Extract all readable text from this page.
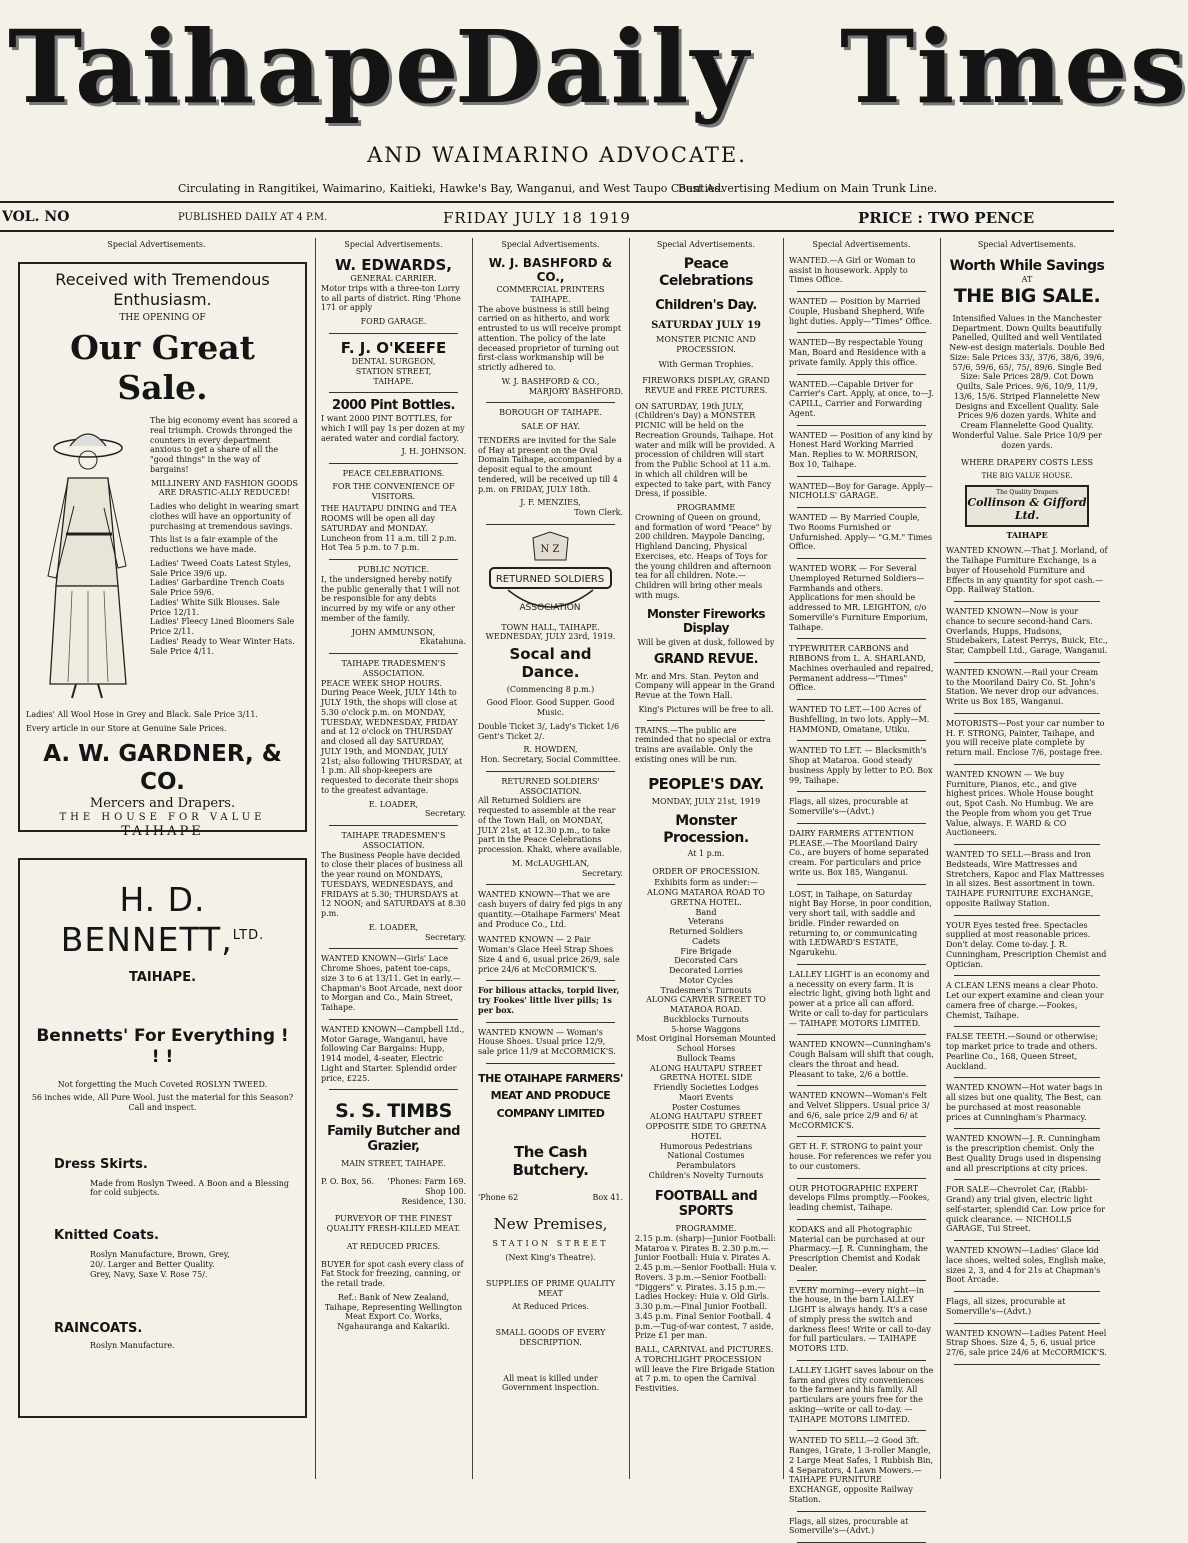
Taihape
Daily Times
AND WAIMARINO ADVOCATE.
Circulating in Rangitikei, Waimarino, Kaitieki, Hawke's Bay, Wanganui, and West Taupo Counties.
Best Advertising Medium on Main Trunk Line.
VOL. NO	PUBLISHED DAILY AT 4 P.M.	FRIDAY JULY 18 1919	PRICE : TWO PENCE
Special Advertisements.
Received with Tremendous Enthusiasm.
THE OPENING OF
Our Great Sale.

The big economy event has scored a real triumph. Crowds thronged the counters in every department anxious to get a share of all the "good things" in the way of bargains!

MILLINERY AND FASHION GOODS ARE DRASTIC-ALLY REDUCED!

Ladies who delight in wearing smart clothes will have an opportunity of purchasing at tremendous savings.

This list is a fair example of the reductions we have made.

Ladies' Tweed Coats Latest Styles, Sale Price 39/6 up.
Ladies' Garbardine Trench Coats Sale Price 59/6.
Ladies' White Silk Blouses. Sale Price 12/11.
Ladies' Fleecy Lined Bloomers Sale Price 2/11.
Ladies' Ready to Wear Winter Hats. Sale Price 4/11.

Ladies' All Wool Hose in Grey and Black. Sale Price 3/11.

Every article in our Store at Genuine Sale Prices.

A. W. GARDNER, & CO.
Mercers and Drapers.
THE HOUSE FOR VALUE
TAIHAPE
H. D. BENNETT,$^{LTD.}$
TAIHAPE.
Bennetts' For Everything ! ! !

Not forgetting the Much Coveted ROSLYN TWEED.

56 inches wide, All Pure Wool. Just the material for this Season? Call and inspect.

Dress Skirts.

Made from Roslyn Tweed. A Boon and a Blessing for cold subjects.

Knitted Coats.

Roslyn Manufacture, Brown, Grey, 20/. Larger and Better Quality. Grey, Navy, Saxe V. Rose 75/.

RAINCOATS.

Roslyn Manufacture.

Special Advertisements.
W. EDWARDS,
GENERAL CARRIER.

Motor trips with a three-ton Lorry to all parts of district. Ring 'Phone 171 or apply

FORD GARAGE.
F. J. O'KEEFE
DENTAL SURGEON,
STATION STREET,
TAIHAPE.
2000 Pint Bottles.

I want 2000 PINT BOTTLES, for which I will pay 1s per dozen at my aerated water and cordial factory.

J. H. JOHNSON.
PEACE CELEBRATIONS.
FOR THE CONVENIENCE OF VISITORS.

THE HAUTAPU DINING and TEA ROOMS will be open all day SATURDAY and MONDAY. Luncheon from 11 a.m. till 2 p.m. Hot Tea 5 p.m. to 7 p.m.

PUBLIC NOTICE.

I, the undersigned hereby notify the public generally that I will not be responsible for any debts incurred by my wife or any other member of the family.

JOHN AMMUNSON,
Ekatahuna.
TAIHAPE TRADESMEN'S ASSOCIATION.

PEACE WEEK SHOP HOURS. During Peace Week, JULY 14th to JULY 19th, the shops will close at 5.30 o'clock p.m. on MONDAY, TUESDAY, WEDNESDAY, FRIDAY and at 12 o'clock on THURSDAY and closed all day SATURDAY, JULY 19th, and MONDAY, JULY 21st; also following THURSDAY, at 1 p.m. All shop-keepers are requested to decorate their shops to the greatest advantage.

E. LOADER,
Secretary.
TAIHAPE TRADESMEN'S ASSOCIATION.

The Business People have decided to close their places of business all the year round on MONDAYS, TUESDAYS, WEDNESDAYS, and FRIDAYS at 5.30; THURSDAYS at 12 NOON; and SATURDAYS at 8.30 p.m.

E. LOADER,
Secretary.

WANTED KNOWN—Girls' Lace Chrome Shoes, patent toe-caps, size 3 to 6 at 13/11. Get in early.—Chapman's Boot Arcade, next door to Morgan and Co., Main Street, Taihape.

WANTED KNOWN—Campbell Ltd., Motor Garage, Wanganui, have following Car Bargains: Hupp, 1914 model, 4-seater, Electric Light and Starter. Splendid order price, £225.

S. S. TIMBS
Family Butcher and Grazier,
MAIN STREET, TAIHAPE.
P. O. Box, 56.	'Phones: Farm 169. Shop 100. Residence, 130.
PURVEYOR OF THE FINEST QUALITY FRESH-KILLED MEAT.
AT REDUCED PRICES.

BUYER for spot cash every class of Fat Stock for freezing, canning, or the retail trade.

Ref.: Bank of New Zealand, Taihape, Representing Wellington Meat Export Co. Works, Ngahauranga and Kakariki.

Special Advertisements.
W. J. BASHFORD & CO.,
COMMERCIAL PRINTERS
TAIHAPE.

The above business is still being carried on as hitherto, and work entrusted to us will receive prompt attention. The policy of the late deceased proprietor of turning out first-class workmanship will be strictly adhered to.

W. J. BASHFORD & CO.,
MARJORY BASHFORD.
BOROUGH OF TAIHAPE.
SALE OF HAY.

TENDERS are invited for the Sale of Hay at present on the Oval Domain Taihape, accompanied by a deposit equal to the amount tendered, will be received up till 4 p.m. on FRIDAY, JULY 18th.

J. F. MENZIES,
Town Clerk.
N Z
RETURNED SOLDIERS
ASSOCIATION
TOWN HALL, TAIHAPE.
WEDNESDAY, JULY 23rd, 1919.
Socal and Dance.
(Commencing 8 p.m.)

Good Floor. Good Supper. Good Music.

Double Ticket 3/, Lady's Ticket 1/6 Gent's Ticket 2/.

R. HOWDEN,
Hon. Secretary, Social Committee.
RETURNED SOLDIERS' ASSOCIATION.

All Returned Soldiers are requested to assemble at the rear of the Town Hall, on MONDAY, JULY 21st, at 12.30 p.m., to take part in the Peace Celebrations procession. Khaki, where available.

M. McLAUGHLAN,
Secretary.

WANTED KNOWN—That we are cash buyers of dairy fed pigs in any quantity.—Otaihape Farmers' Meat and Produce Co., Ltd.

WANTED KNOWN — 2 Pair Woman's Glace Heel Strap Shoes Size 4 and 6, usual price 26/9, sale price 24/6 at McCORMICK'S.

For bilious attacks, torpid liver, try Fookes' little liver pills; 1s per box.

WANTED KNOWN — Woman's House Shoes. Usual price 12/9, sale price 11/9 at McCORMICK'S.

THE OTAIHAPE FARMERS' MEAT AND PRODUCE COMPANY LIMITED
The Cash Butchery.
'Phone 62	Box 41.
New Premises,
STATION STREET
(Next King's Theatre).
SUPPLIES OF PRIME QUALITY MEAT
At Reduced Prices.
SMALL GOODS OF EVERY DESCRIPTION.
All meat is killed under Government inspection.
Special Advertisements.
Peace Celebrations
Children's Day.
SATURDAY JULY 19
MONSTER PICNIC AND PROCESSION.
With German Trophies.
FIREWORKS DISPLAY, GRAND REVUE and FREE PICTURES.

ON SATURDAY, 19th JULY, (Children's Day) a MONSTER PICNIC will be held on the Recreation Grounds, Taihape. Hot water and milk will be provided. A procession of children will start from the Public School at 11 a.m. in which all children will be expected to take part, with Fancy Dress, if possible.

PROGRAMME

Crowning of Queen on ground, and formation of word "Peace" by 200 children. Maypole Dancing, Highland Dancing, Physical Exercises, etc. Heaps of Toys for the young children and afternoon tea for all children. Note.—Children will bring other meals with mugs.

Monster Fireworks Display
Will be given at dusk, followed by
GRAND REVUE.

Mr. and Mrs. Stan. Peyton and Company will appear in the Grand Revue at the Town Hall.

King's Pictures will be free to all.

TRAINS.—The public are reminded that no special or extra trains are available. Only the existing ones will be run.

PEOPLE'S DAY.
MONDAY, JULY 21st, 1919
Monster Procession.
At 1 p.m.
ORDER OF PROCESSION.
Exhibits form as under:—
ALONG MATAROA ROAD TO
GRETNA HOTEL.
Band
Veterans
Returned Soldiers
Cadets
Fire Brigade
Decorated Cars
Decorated Lorries
Motor Cycles
Tradesmen's Turnouts
ALONG CARVER STREET TO
MATAROA ROAD.
Buckblocks Turnouts
5-horse Waggons
Most Original Horseman Mounted
School Horses
Bullock Teams
ALONG HAUTAPU STREET
GRETNA HOTEL SIDE
Friendly Societies Lodges
Maori Events
Poster Costumes
ALONG HAUTAPU STREET OPPOSITE SIDE TO GRETNA HOTEL
Humorous Pedestrians
National Costumes
Perambulators
Children's Novelty Turnouts
FOOTBALL and SPORTS
PROGRAMME.

2.15 p.m. (sharp)—Junior Football: Mataroa v. Pirates B. 2.30 p.m.—Junior Football: Huia v. Pirates A. 2.45 p.m.—Senior Football: Huia v. Rovers. 3 p.m.—Senior Football: "Diggers" v. Pirates. 3.15 p.m.—Ladies Hockey: Huia v. Old Girls. 3.30 p.m.—Final Junior Football. 3.45 p.m. Final Senior Football. 4 p.m.—Tug-of-war contest, 7 aside, Prize £1 per man.

BALL, CARNIVAL and PICTURES. A TORCHLIGHT PROCESSION will leave the Fire Brigade Station at 7 p.m. to open the Carnival Festivities.

Special Advertisements.

WANTED.—A Girl or Woman to assist in housework. Apply to Times Office.

WANTED — Position by Married Couple, Husband Shepherd, Wife light duties. Apply—"Times" Office.

WANTED—By respectable Young Man, Board and Residence with a private family. Apply this office.

WANTED.—Capable Driver for Carrier's Cart. Apply, at once, to—J. CAPILL, Carrier and Forwarding Agent.

WANTED — Position of any kind by Honest Hard Working Married Man. Replies to W. MORRISON, Box 10, Taihape.

WANTED—Boy for Garage. Apply—NICHOLLS' GARAGE.

WANTED — By Married Couple, Two Rooms Furnished or Unfurnished. Apply— "G.M." Times Office.

WANTED WORK — For Several Unemployed Returned Soldiers—Farmhands and others. Applications for men should be addressed to MR. LEIGHTON, c/o Somerville's Furniture Emporium, Taihape.

TYPEWRITER CARBONS and RIBBONS from L. A. SHARLAND, Machines overhauled and repaired, Permanent address—"Times" Office.

WANTED TO LET.—100 Acres of Bushfelling, in two lots. Apply—M. HAMMOND, Omatane, Utiku.

WANTED TO LET. — Blacksmith's Shop at Mataroa. Good steady business Apply by letter to P.O. Box 99, Taihape.

Flags, all sizes, procurable at Somerville's—(Advt.)

DAIRY FARMERS ATTENTION PLEASE.—The Mooriland Dairy Co., are buyers of home separated cream. For particulars and price write us. Box 185, Wanganui.

LOST, in Taihape, on Saturday night Bay Horse, in poor condition, very short tail, with saddle and bridle. Finder rewarded on returning to, or communicating with LEDWARD'S ESTATE, Ngarukehu.

LALLEY LIGHT is an economy and a necessity on every farm. It is electric light, giving both light and power at a price all can afford. Write or call to-day for particulars — TAIHAPE MOTORS LIMITED.

WANTED KNOWN—Cunningham's Cough Balsam will shift that cough, clears the throat and head. Pleasant to take, 2/6 a bottle.

WANTED KNOWN—Woman's Felt and Velvet Slippers. Usual price 3/ and 6/6, sale price 2/9 and 6/ at McCORMICK'S.

GET H. F. STRONG to paint your house. For references we refer you to our customers.

OUR PHOTOGRAPHIC EXPERT develops Films promptly.—Fookes, leading chemist, Taihape.

KODAKS and all Photographic Material can be purchased at our Pharmacy.—J. R. Cunningham, the Prescription Chemist and Kodak Dealer.

EVERY morning—every night—in the house, in the barn LALLEY LIGHT is always handy. It's a case of simply press the switch and darkness flees! Write or call to-day for full particulars. — TAIHAPE MOTORS LTD.

LALLEY LIGHT saves labour on the farm and gives city conveniences to the farmer and his family. All particulars are yours free for the asking—write or call to-day. — TAIHAPE MOTORS LIMITED.

WANTED TO SELL—2 Good 3ft. Ranges, 1Grate, 1 3-roller Mangle, 2 Large Meat Safes, 1 Rubbish Bin, 4 Separators, 4 Lawn Mowers.—TAIHAPE FURNITURE EXCHANGE, opposite Railway Station.

Flags, all sizes, procurable at Somerville's—(Advt.)

Special Advertisements.
Worth While Savings
AT
THE BIG SALE.

Intensified Values in the Manchester Department. Down Quilts beautifully Panelled, Quilted and well Ventilated New-est design materials. Double Bed Size: Sale Prices 33/, 37/6, 38/6, 39/6, 57/6, 59/6, 65/, 75/, 89/6. Single Bed Size: Sale Prices 28/9. Cot Down Quilts, Sale Prices. 9/6, 10/9, 11/9, 13/6, 15/6. Striped Flannelette New Designs and Excellent Quality. Sale Prices 9/6 dozen yards. White and Cream Flannelette Good Quality. Wonderful Value. Sale Price 10/9 per dozen yards.

WHERE DRAPERY COSTS LESS
THE BIG VALUE HOUSE.
The Quality Drapers
Collinson & Gifford Ltd.
TAIHAPE

WANTED KNOWN.—That J. Morland, of the Taihape Furniture Exchange, is a buyer of Household Furniture and Effects in any quantity for spot cash.—Opp. Railway Station.

WANTED KNOWN—Now is your chance to secure second-hand Cars. Overlands, Hupps, Hudsons, Studebakers, Latest Perrys, Buick, Etc., Star, Campbell Ltd., Garage, Wanganui.

WANTED KNOWN.—Rail your Cream to the Mooriland Dairy Co. St. John's Station. We never drop our advances. Write us Box 185, Wanganui.

MOTORISTS—Post your car number to H. F. STRONG, Painter, Taihape, and you will receive plate complete by return mail. Enclose 7/6, postage free.

WANTED KNOWN — We buy Furniture, Pianos, etc., and give highest prices. Whole House bought out, Spot Cash. No Humbug. We are the People from whom you get True Value, always. F. WARD & CO Auctioneers.

WANTED TO SELL—Brass and Iron Bedsteads, Wire Mattresses and Stretchers, Kapoc and Flax Mattresses in all sizes. Best assortment in town. TAIHAPE FURNITURE EXCHANGE, opposite Railway Station.

YOUR Eyes tested free. Spectacles supplied at most reasonable prices. Don't delay. Come to-day. J. R. Cunningham, Prescription Chemist and Optician.

A CLEAN LENS means a clear Photo. Let our expert examine and clean your camera free of charge.—Fookes, Chemist, Taihape.

FALSE TEETH.—Sound or otherwise; top market price to trade and others. Pearline Co., 168, Queen Street, Auckland.

WANTED KNOWN—Hot water bags in all sizes but one quality, The Best, can be purchased at most reasonable prices at Cunningham's Pharmacy.

WANTED KNOWN—J. R. Cunningham is the prescription chemist. Only the Best Quality Drugs used in dispensing and all prescriptions at city prices.

FOR SALE—Chevrolet Car, (Rabbi-Grand) any trial given, electric light self-starter, splendid Car. Low price for quick clearance. — NICHOLLS GARAGE, Tui Street.

WANTED KNOWN—Ladies' Glace kid lace shoes, welted soles, English make, sizes 2, 3, and 4 for 21s at Chapman's Boot Arcade.

Flags, all sizes, procurable at Somerville's—(Advt.)

WANTED KNOWN—Ladies Patent Heel Strap Shoes. Size 4, 5, 6, usual price 27/6, sale price 24/6 at McCORMICK'S.
